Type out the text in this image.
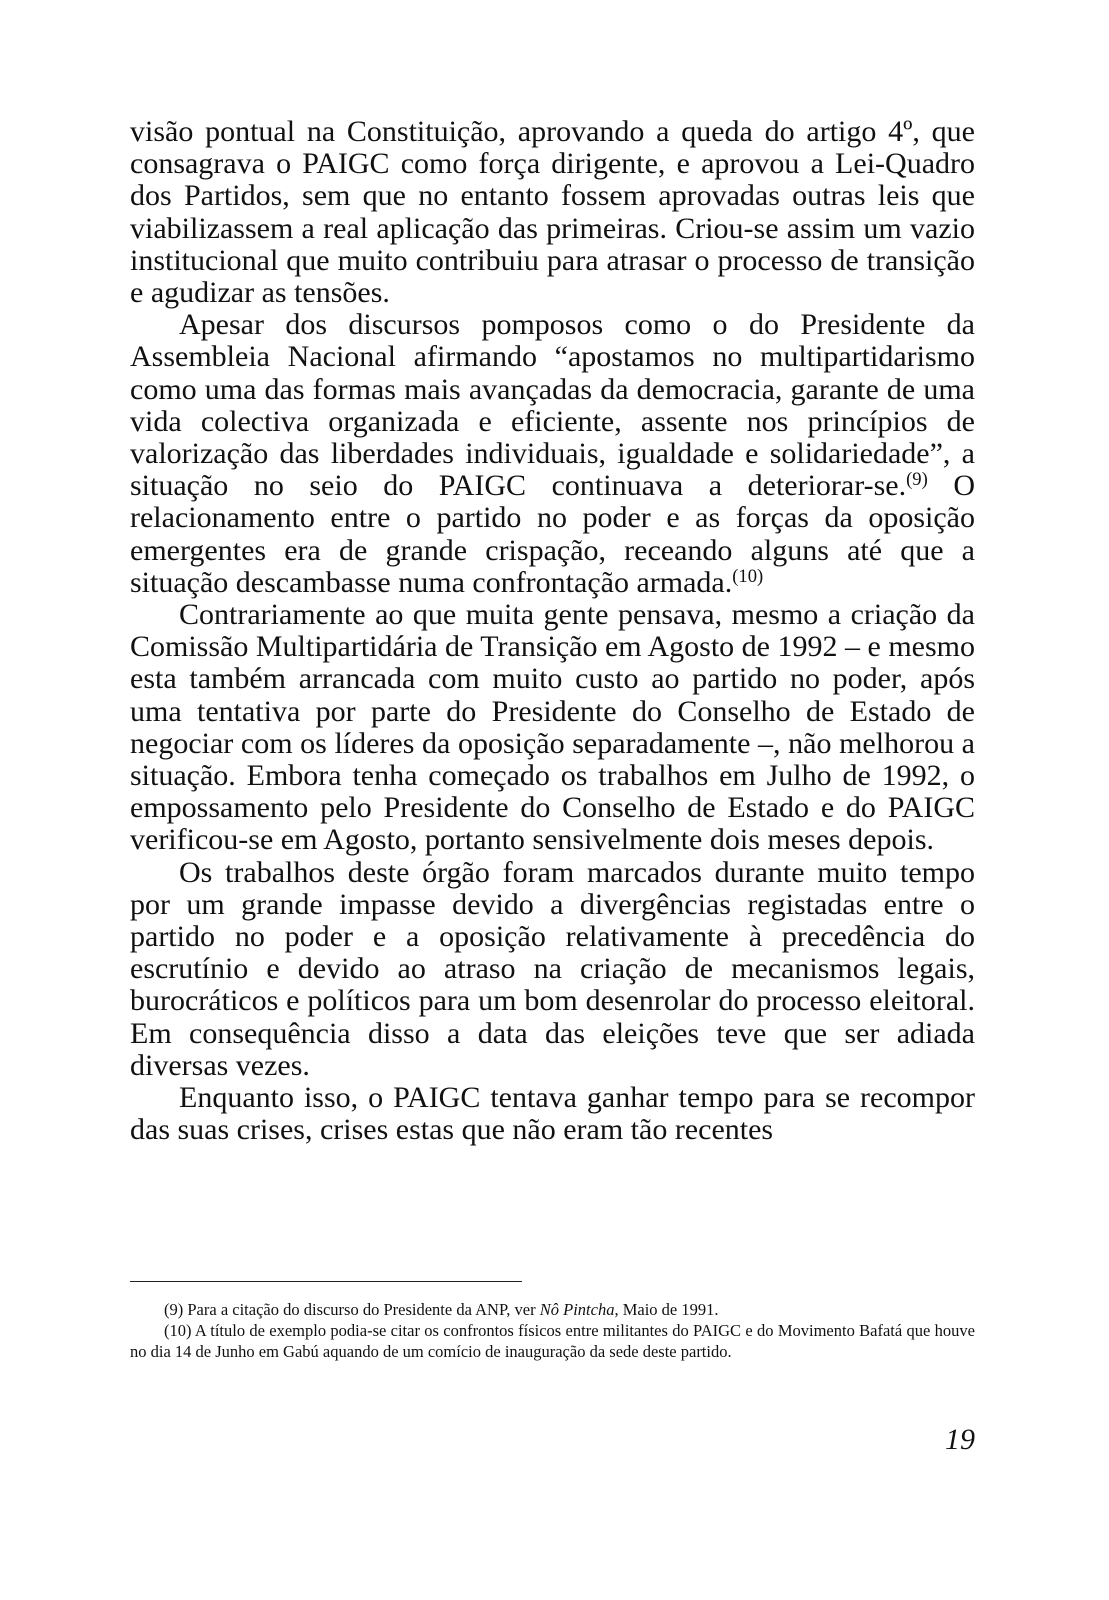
visão pontual na Constituição, aprovando a queda do artigo 4º, que consagrava o PAIGC como força dirigente, e aprovou a Lei-Quadro dos Partidos, sem que no entanto fossem aprovadas outras leis que viabilizassem a real aplicação das primeiras. Criou-se assim um vazio institucional que muito contribuiu para atrasar o processo de transição e agudizar as tensões.

Apesar dos discursos pomposos como o do Presidente da Assembleia Nacional afirmando “apostamos no multipartidarismo como uma das formas mais avançadas da democracia, garante de uma vida colectiva organizada e eficiente, assente nos princípios de valorização das liberdades individuais, igualdade e solidariedade”, a situação no seio do PAIGC continuava a deteriorar-se.$^{(9)}$ O relacionamento entre o partido no poder e as forças da oposição emergentes era de grande crispação, receando alguns até que a situação descambasse numa confrontação armada.$^{(10)}$

Contrariamente ao que muita gente pensava, mesmo a criação da Comissão Multipartidária de Transição em Agosto de 1992 – e mesmo esta também arrancada com muito custo ao partido no poder, após uma tentativa por parte do Presidente do Conselho de Estado de negociar com os líderes da oposição separadamente –, não melhorou a situação. Embora tenha começado os trabalhos em Julho de 1992, o empossamento pelo Presidente do Conselho de Estado e do PAIGC verificou-se em Agosto, portanto sensivelmente dois meses depois.

Os trabalhos deste órgão foram marcados durante muito tempo por um grande impasse devido a divergências registadas entre o partido no poder e a oposição relativamente à precedência do escrutínio e devido ao atraso na criação de mecanismos legais, burocráticos e políticos para um bom desenrolar do processo eleitoral. Em consequência disso a data das eleições teve que ser adiada diversas vezes.

Enquanto isso, o PAIGC tentava ganhar tempo para se recompor das suas crises, crises estas que não eram tão recentes

(9) Para a citação do discurso do Presidente da ANP, ver Nô Pintcha, Maio de 1991.

(10) A título de exemplo podia-se citar os confrontos físicos entre militantes do PAIGC e do Movimento Bafatá que houve no dia 14 de Junho em Gabú aquando de um comício de inauguração da sede deste partido.

19
